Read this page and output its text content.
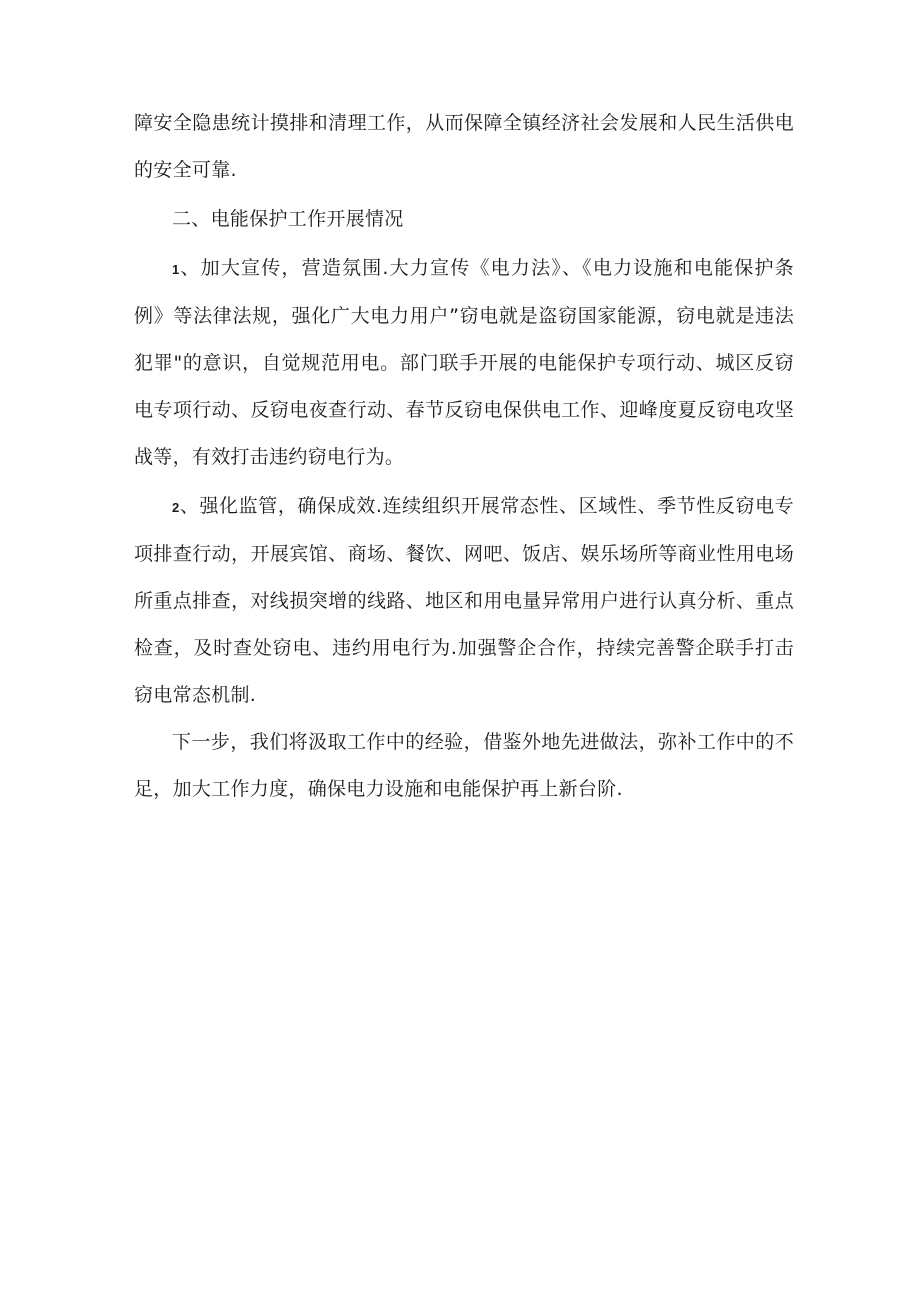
障安全隐患统计摸排和清理工作，从而保障全镇经济社会发展和人民生活供电的安全可靠.

二、电能保护工作开展情况

1、加大宣传，营造氛围.大力宣传《电力法》、《电力设施和电能保护条例》等法律法规，强化广大电力用户”窃电就是盗窃国家能源，窃电就是违法犯罪"的意识，自觉规范用电。部门联手开展的电能保护专项行动、城区反窃电专项行动、反窃电夜查行动、春节反窃电保供电工作、迎峰度夏反窃电攻坚战等，有效打击违约窃电行为。

2、强化监管，确保成效.连续组织开展常态性、区域性、季节性反窃电专项排查行动，开展宾馆、商场、餐饮、网吧、饭店、娱乐场所等商业性用电场所重点排查，对线损突增的线路、地区和用电量异常用户进行认真分析、重点检查，及时查处窃电、违约用电行为.加强警企合作，持续完善警企联手打击窃电常态机制.

下一步，我们将汲取工作中的经验，借鉴外地先进做法，弥补工作中的不足，加大工作力度，确保电力设施和电能保护再上新台阶.
